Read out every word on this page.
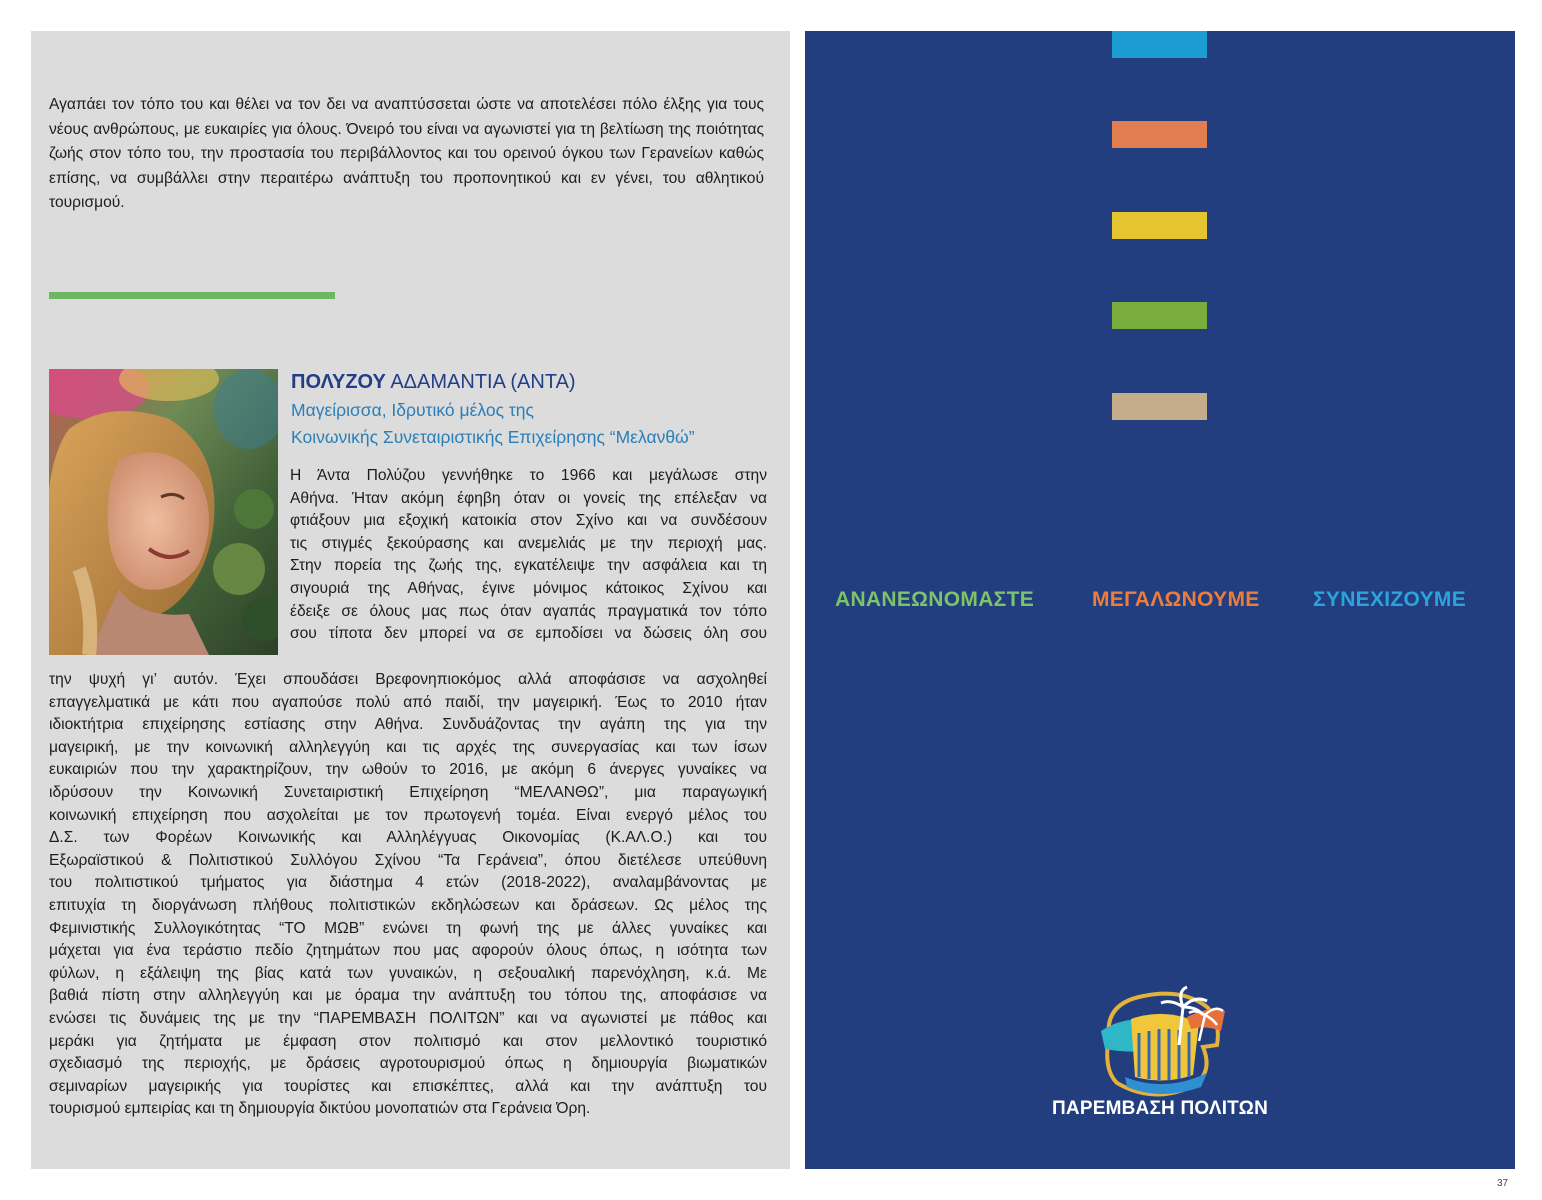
Αγαπάει τον τόπο του και θέλει να τον δει να αναπτύσσεται ώστε να αποτελέσει πόλο έλξης για τους νέους ανθρώπους, με ευκαιρίες για όλους. Όνειρό του είναι να αγωνιστεί για τη βελτίωση της ποιότητας ζωής στον τόπο του, την προστασία του περιβάλλοντος και του ορεινού όγκου των Γερανείων καθώς επίσης, να συμβάλλει στην περαιτέρω ανάπτυξη του προπονητικού και εν γένει, του αθλητικού τουρισμού.

ΠΟΛΥΖΟΥ ΑΔΑΜΑΝΤΙΑ (ΑΝΤΑ)

Μαγείρισσα, Ιδρυτικό μέλος της
Κοινωνικής Συνεταιριστικής Επιχείρησης “Μελανθώ”

Η Άντα Πολύζου γεννήθηκε το 1966 και μεγάλωσε στην
Αθήνα. Ήταν ακόμη έφηβη όταν οι γονείς της επέλεξαν να
φτιάξουν μια εξοχική κατοικία στον Σχίνο και να συνδέσουν
τις στιγμές ξεκούρασης και ανεμελιάς με την περιοχή μας.
Στην πορεία της ζωής της, εγκατέλειψε την ασφάλεια και τη
σιγουριά της Αθήνας, έγινε μόνιμος κάτοικος Σχίνου και
έδειξε σε όλους μας πως όταν αγαπάς πραγματικά τον τόπο
σου τίποτα δεν μπορεί να σε εμποδίσει να δώσεις όλη σου

την ψυχή γι’ αυτόν. Έχει σπουδάσει Βρεφονηπιοκόμος αλλά αποφάσισε να ασχοληθεί
επαγγελματικά με κάτι που αγαπούσε πολύ από παιδί, την μαγειρική. Έως το 2010 ήταν
ιδιοκτήτρια επιχείρησης εστίασης στην Αθήνα. Συνδυάζοντας την αγάπη της για την
μαγειρική, με την κοινωνική αλληλεγγύη και τις αρχές της συνεργασίας και των ίσων
ευκαιριών που την χαρακτηρίζουν, την ωθούν το 2016, με ακόμη 6 άνεργες γυναίκες να
ιδρύσουν την Κοινωνική Συνεταιριστική Επιχείρηση “ΜΕΛΑΝΘΩ”, μια παραγωγική
κοινωνική επιχείρηση που ασχολείται με τον πρωτογενή τομέα. Είναι ενεργό μέλος του
Δ.Σ. των Φορέων Κοινωνικής και Αλληλέγγυας Οικονομίας (Κ.ΑΛ.Ο.) και του
Εξωραϊστικού & Πολιτιστικού Συλλόγου Σχίνου “Τα Γεράνεια”, όπου διετέλεσε υπεύθυνη
του πολιτιστικού τμήματος για διάστημα 4 ετών (2018-2022), αναλαμβάνοντας με
επιτυχία τη διοργάνωση πλήθους πολιτιστικών εκδηλώσεων και δράσεων. Ως μέλος της
Φεμινιστικής Συλλογικότητας “ΤΟ ΜΩΒ” ενώνει τη φωνή της με άλλες γυναίκες και
μάχεται για ένα τεράστιο πεδίο ζητημάτων που μας αφορούν όλους όπως, η ισότητα των
φύλων, η εξάλειψη της βίας κατά των γυναικών, η σεξουαλική παρενόχληση, κ.ά. Με
βαθιά πίστη στην αλληλεγγύη και με όραμα την ανάπτυξη του τόπου της, αποφάσισε να
ενώσει τις δυνάμεις της με την “ΠΑΡΕΜΒΑΣΗ ΠΟΛΙΤΩΝ” και να αγωνιστεί με πάθος και
μεράκι για ζητήματα με έμφαση στον πολιτισμό και στον μελλοντικό τουριστικό
σχεδιασμό της περιοχής, με δράσεις αγροτουρισμού όπως η δημιουργία βιωματικών
σεμιναρίων μαγειρικής για τουρίστες και επισκέπτες, αλλά και την ανάπτυξη του
τουρισμού εμπειρίας και τη δημιουργία δικτύου μονοπατιών στα Γεράνεια Όρη.

ΑΝΑΝΕΩΝΟΜΑΣΤΕ	ΜΕΓΑΛΩΝΟΥΜΕ	ΣΥΝΕΧΙΖΟΥΜΕ

ΠΑΡΕΜΒΑΣΗ ΠΟΛΙΤΩΝ

37
